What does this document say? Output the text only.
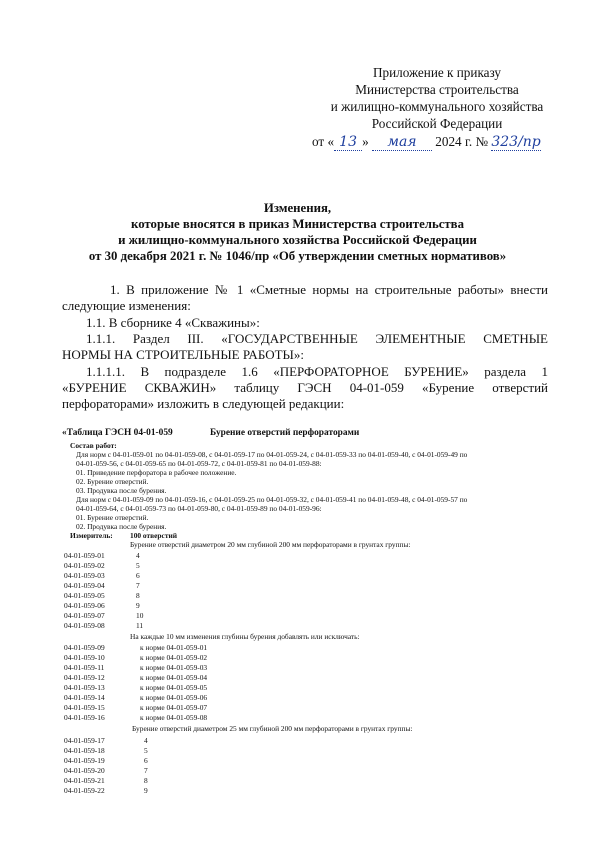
Приложение к приказу
Министерства строительства
и жилищно-коммунального хозяйства
Российской Федерации
от « 13 » мая 2024 г. № 323/пр
Изменения,
которые вносятся в приказ Министерства строительства
и жилищно-коммунального хозяйства Российской Федерации
от 30 декабря 2021 г. № 1046/пр «Об утверждении сметных нормативов»
1. В приложение № 1 «Сметные нормы на строительные работы» внести
следующие изменения:
1.1. В сборнике 4 «Скважины»:
1.1.1. Раздел III. «ГОСУДАРСТВЕННЫЕ ЭЛЕМЕНТНЫЕ СМЕТНЫЕ
НОРМЫ НА СТРОИТЕЛЬНЫЕ РАБОТЫ»:
1.1.1.1. В подразделе 1.6 «ПЕРФОРАТОРНОЕ БУРЕНИЕ» раздела 1
«БУРЕНИЕ СКВАЖИН» таблицу ГЭСН 04-01-059 «Бурение отверстий
перфораторами» изложить в следующей редакции:
«Таблица ГЭСН 04-01-059	Бурение отверстий перфораторами
Состав работ:
Для норм с 04-01-059-01 по 04-01-059-08, с 04-01-059-17 по 04-01-059-24, с 04-01-059-33 по 04-01-059-40, с 04-01-059-49 по
04-01-059-56, с 04-01-059-65 по 04-01-059-72, с 04-01-059-81 по 04-01-059-88:
01. Приведение перфоратора в рабочее положение.
02. Бурение отверстий.
03. Продувка после бурения.
Для норм с 04-01-059-09 по 04-01-059-16, с 04-01-059-25 по 04-01-059-32, с 04-01-059-41 по 04-01-059-48, с 04-01-059-57 по
04-01-059-64, с 04-01-059-73 по 04-01-059-80, с 04-01-059-89 по 04-01-059-96:
01. Бурение отверстий.
02. Продувка после бурения.
Измеритель: 100 отверстий
Бурение отверстий диаметром 20 мм глубиной 200 мм перфораторами в грунтах группы:
04-01-059-01	4
04-01-059-02	5
04-01-059-03	6
04-01-059-04	7
04-01-059-05	8
04-01-059-06	9
04-01-059-07	10
04-01-059-08	11
На каждые 10 мм изменения глубины бурения добавлять или исключать:
04-01-059-09	к норме 04-01-059-01
04-01-059-10	к норме 04-01-059-02
04-01-059-11	к норме 04-01-059-03
04-01-059-12	к норме 04-01-059-04
04-01-059-13	к норме 04-01-059-05
04-01-059-14	к норме 04-01-059-06
04-01-059-15	к норме 04-01-059-07
04-01-059-16	к норме 04-01-059-08
Бурение отверстий диаметром 25 мм глубиной 200 мм перфораторами в грунтах группы:
04-01-059-17	4
04-01-059-18	5
04-01-059-19	6
04-01-059-20	7
04-01-059-21	8
04-01-059-22	9
